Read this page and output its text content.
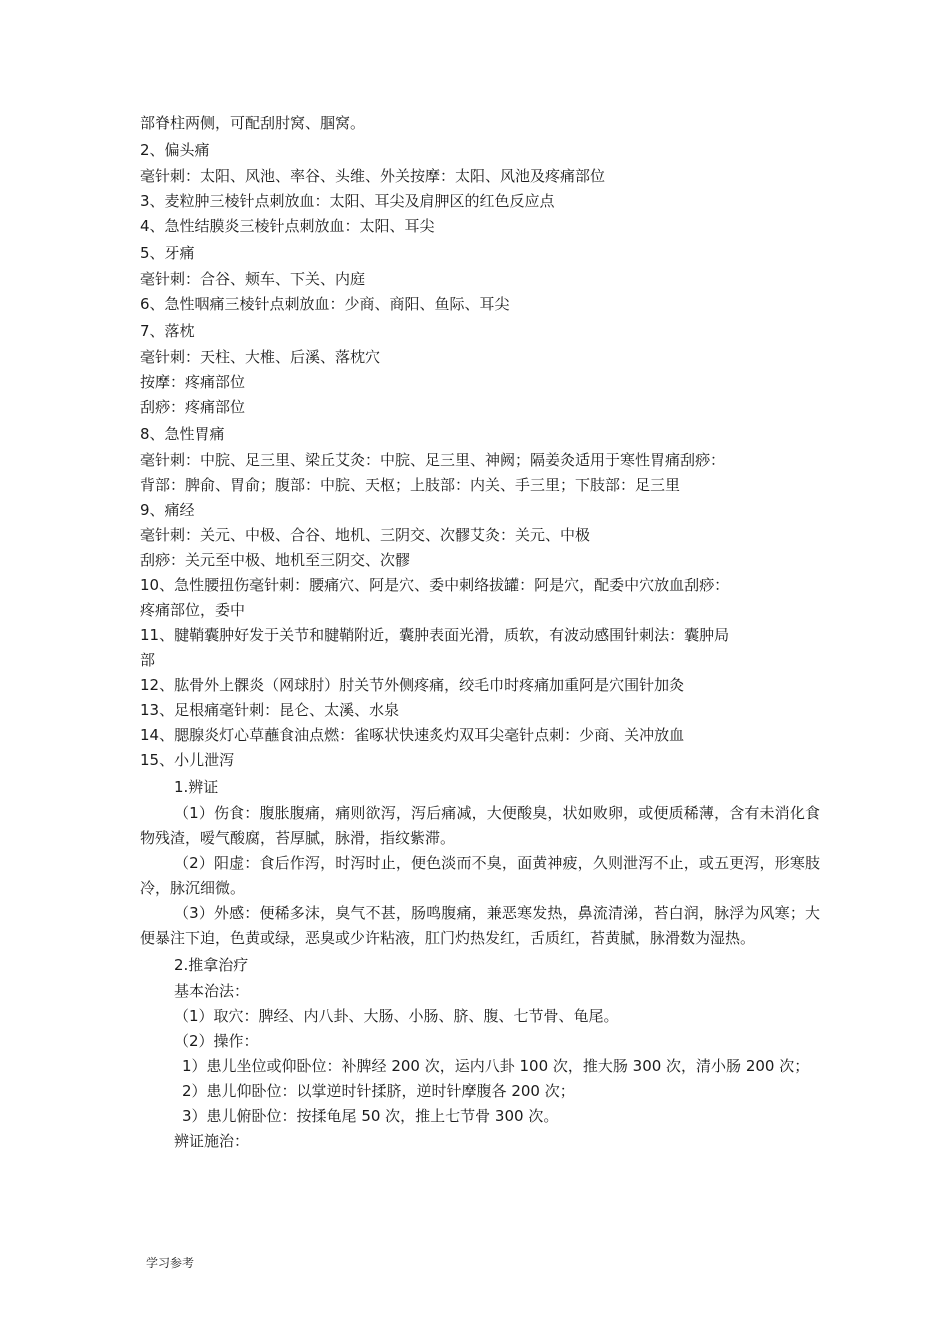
部脊柱两侧，可配刮肘窝、腘窝。

2、偏头痛

毫针刺：太阳、风池、率谷、头维、外关按摩：太阳、风池及疼痛部位

3、麦粒肿三棱针点刺放血：太阳、耳尖及肩胛区的红色反应点

4、急性结膜炎三棱针点刺放血：太阳、耳尖

5、牙痛

毫针刺：合谷、颊车、下关、内庭

6、急性咽痛三棱针点刺放血：少商、商阳、鱼际、耳尖

7、落枕

毫针刺：天柱、大椎、后溪、落枕穴

按摩：疼痛部位

刮痧：疼痛部位

8、急性胃痛

毫针刺：中脘、足三里、梁丘艾灸：中脘、足三里、神阙；隔姜灸适用于寒性胃痛刮痧：

背部：脾俞、胃俞；腹部：中脘、天枢；上肢部：内关、手三里；下肢部：足三里

9、痛经

毫针刺：关元、中极、合谷、地机、三阴交、次髎艾灸：关元、中极

刮痧：关元至中极、地机至三阴交、次髎

10、急性腰扭伤毫针刺：腰痛穴、阿是穴、委中刺络拔罐：阿是穴，配委中穴放血刮痧：

疼痛部位，委中

11、腱鞘囊肿好发于关节和腱鞘附近，囊肿表面光滑，质软，有波动感围针刺法：囊肿局

部

12、肱骨外上髁炎（网球肘）肘关节外侧疼痛，绞毛巾时疼痛加重阿是穴围针加灸

13、足根痛毫针刺：昆仑、太溪、水泉

14、腮腺炎灯心草蘸食油点燃：雀啄状快速炙灼双耳尖毫针点刺：少商、关冲放血

15、小儿泄泻

1.辨证

（1）伤食：腹胀腹痛，痛则欲泻，泻后痛减，大便酸臭，状如败卵，或便质稀薄，含有未消化食物残渣，嗳气酸腐，苔厚腻，脉滑，指纹紫滞。

（2）阳虚：食后作泻，时泻时止，便色淡而不臭，面黄神疲，久则泄泻不止，或五更泻，形寒肢冷，脉沉细微。

（3）外感：便稀多沫，臭气不甚，肠鸣腹痛，兼恶寒发热，鼻流清涕，苔白润，脉浮为风寒；大便暴注下迫，色黄或绿，恶臭或少许粘液，肛门灼热发红，舌质红，苔黄腻，脉滑数为湿热。

2.推拿治疗

基本治法：

（1）取穴：脾经、内八卦、大肠、小肠、脐、腹、七节骨、龟尾。

（2）操作：

1）患儿坐位或仰卧位：补脾经 200 次，运内八卦 100 次，推大肠 300 次，清小肠 200 次；

2）患儿仰卧位：以掌逆时针揉脐，逆时针摩腹各 200 次；

3）患儿俯卧位：按揉龟尾 50 次，推上七节骨 300 次。

辨证施治：

学习参考
